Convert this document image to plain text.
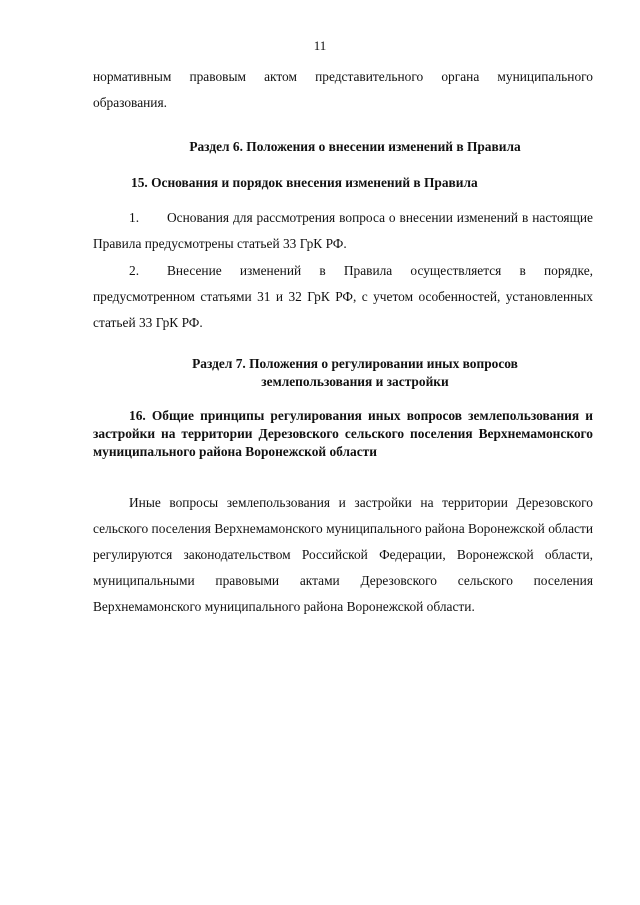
11
нормативным правовым актом представительного органа муниципального образования.
Раздел 6. Положения о внесении изменений в Правила
15. Основания и порядок внесения изменений в Правила
1. Основания для рассмотрения вопроса о внесении изменений в настоящие Правила предусмотрены статьей 33 ГрК РФ.
2. Внесение изменений в Правила осуществляется в порядке, предусмотренном статьями 31 и 32 ГрК РФ, с учетом особенностей, установленных статьей 33 ГрК РФ.
Раздел 7. Положения о регулировании иных вопросов
землепользования и застройки
16. Общие принципы регулирования иных вопросов землепользования и застройки на территории Дерезовского сельского поселения Верхнемамонского муниципального района Воронежской области
Иные вопросы землепользования и застройки на территории Дерезовского сельского поселения Верхнемамонского муниципального района Воронежской области регулируются законодательством Российской Федерации, Воронежской области, муниципальными правовыми актами Дерезовского сельского поселения Верхнемамонского муниципального района Воронежской области.
